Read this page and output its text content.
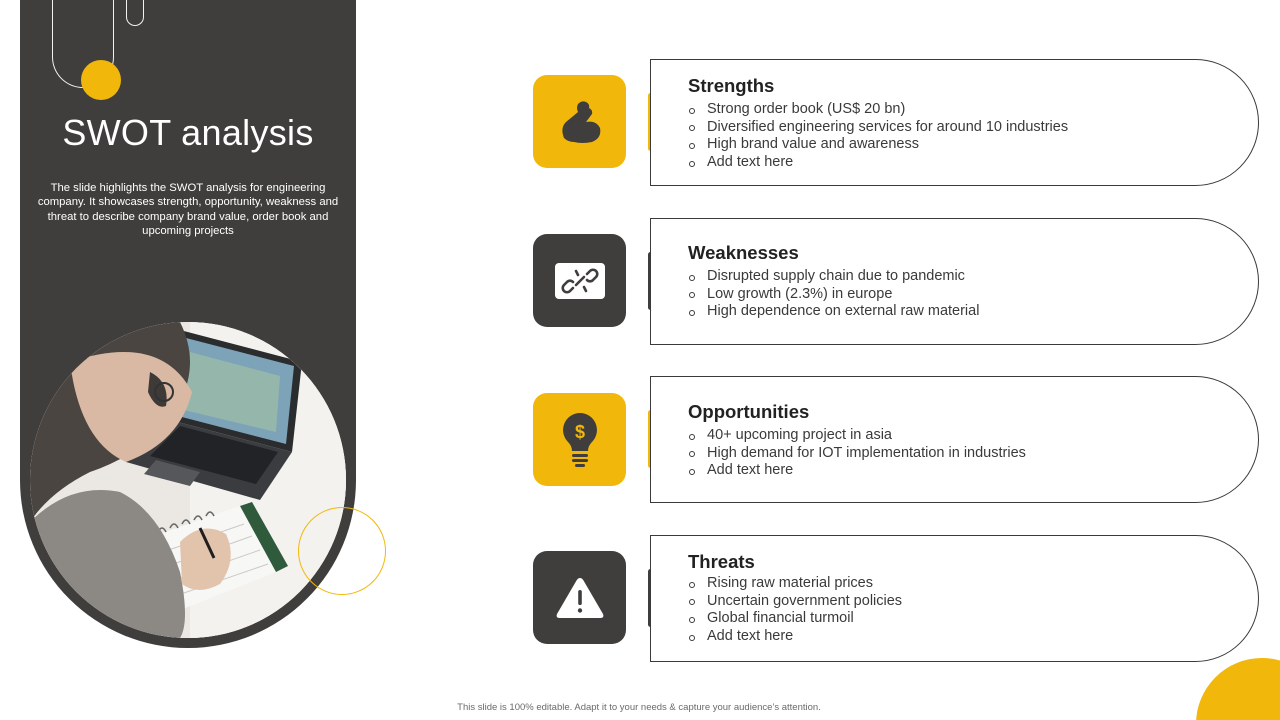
SWOT analysis

The slide highlights the SWOT analysis for engineering company. It showcases strength, opportunity, weakness and threat to describe company brand value, order book and upcoming projects

Strengths
Strong order book (US$ 20 bn)
Diversified engineering services for around 10 industries
High brand value and awareness
Add text here
Weaknesses
Disrupted supply chain due to pandemic
Low growth (2.3%) in europe
High dependence on external raw material
$
Opportunities
40+ upcoming project in asia
High demand for IOT implementation in industries
Add text here
Threats
Rising raw material prices
Uncertain government policies
Global financial turmoil
Add text here
This slide is 100% editable. Adapt it to your needs & capture your audience’s attention.
